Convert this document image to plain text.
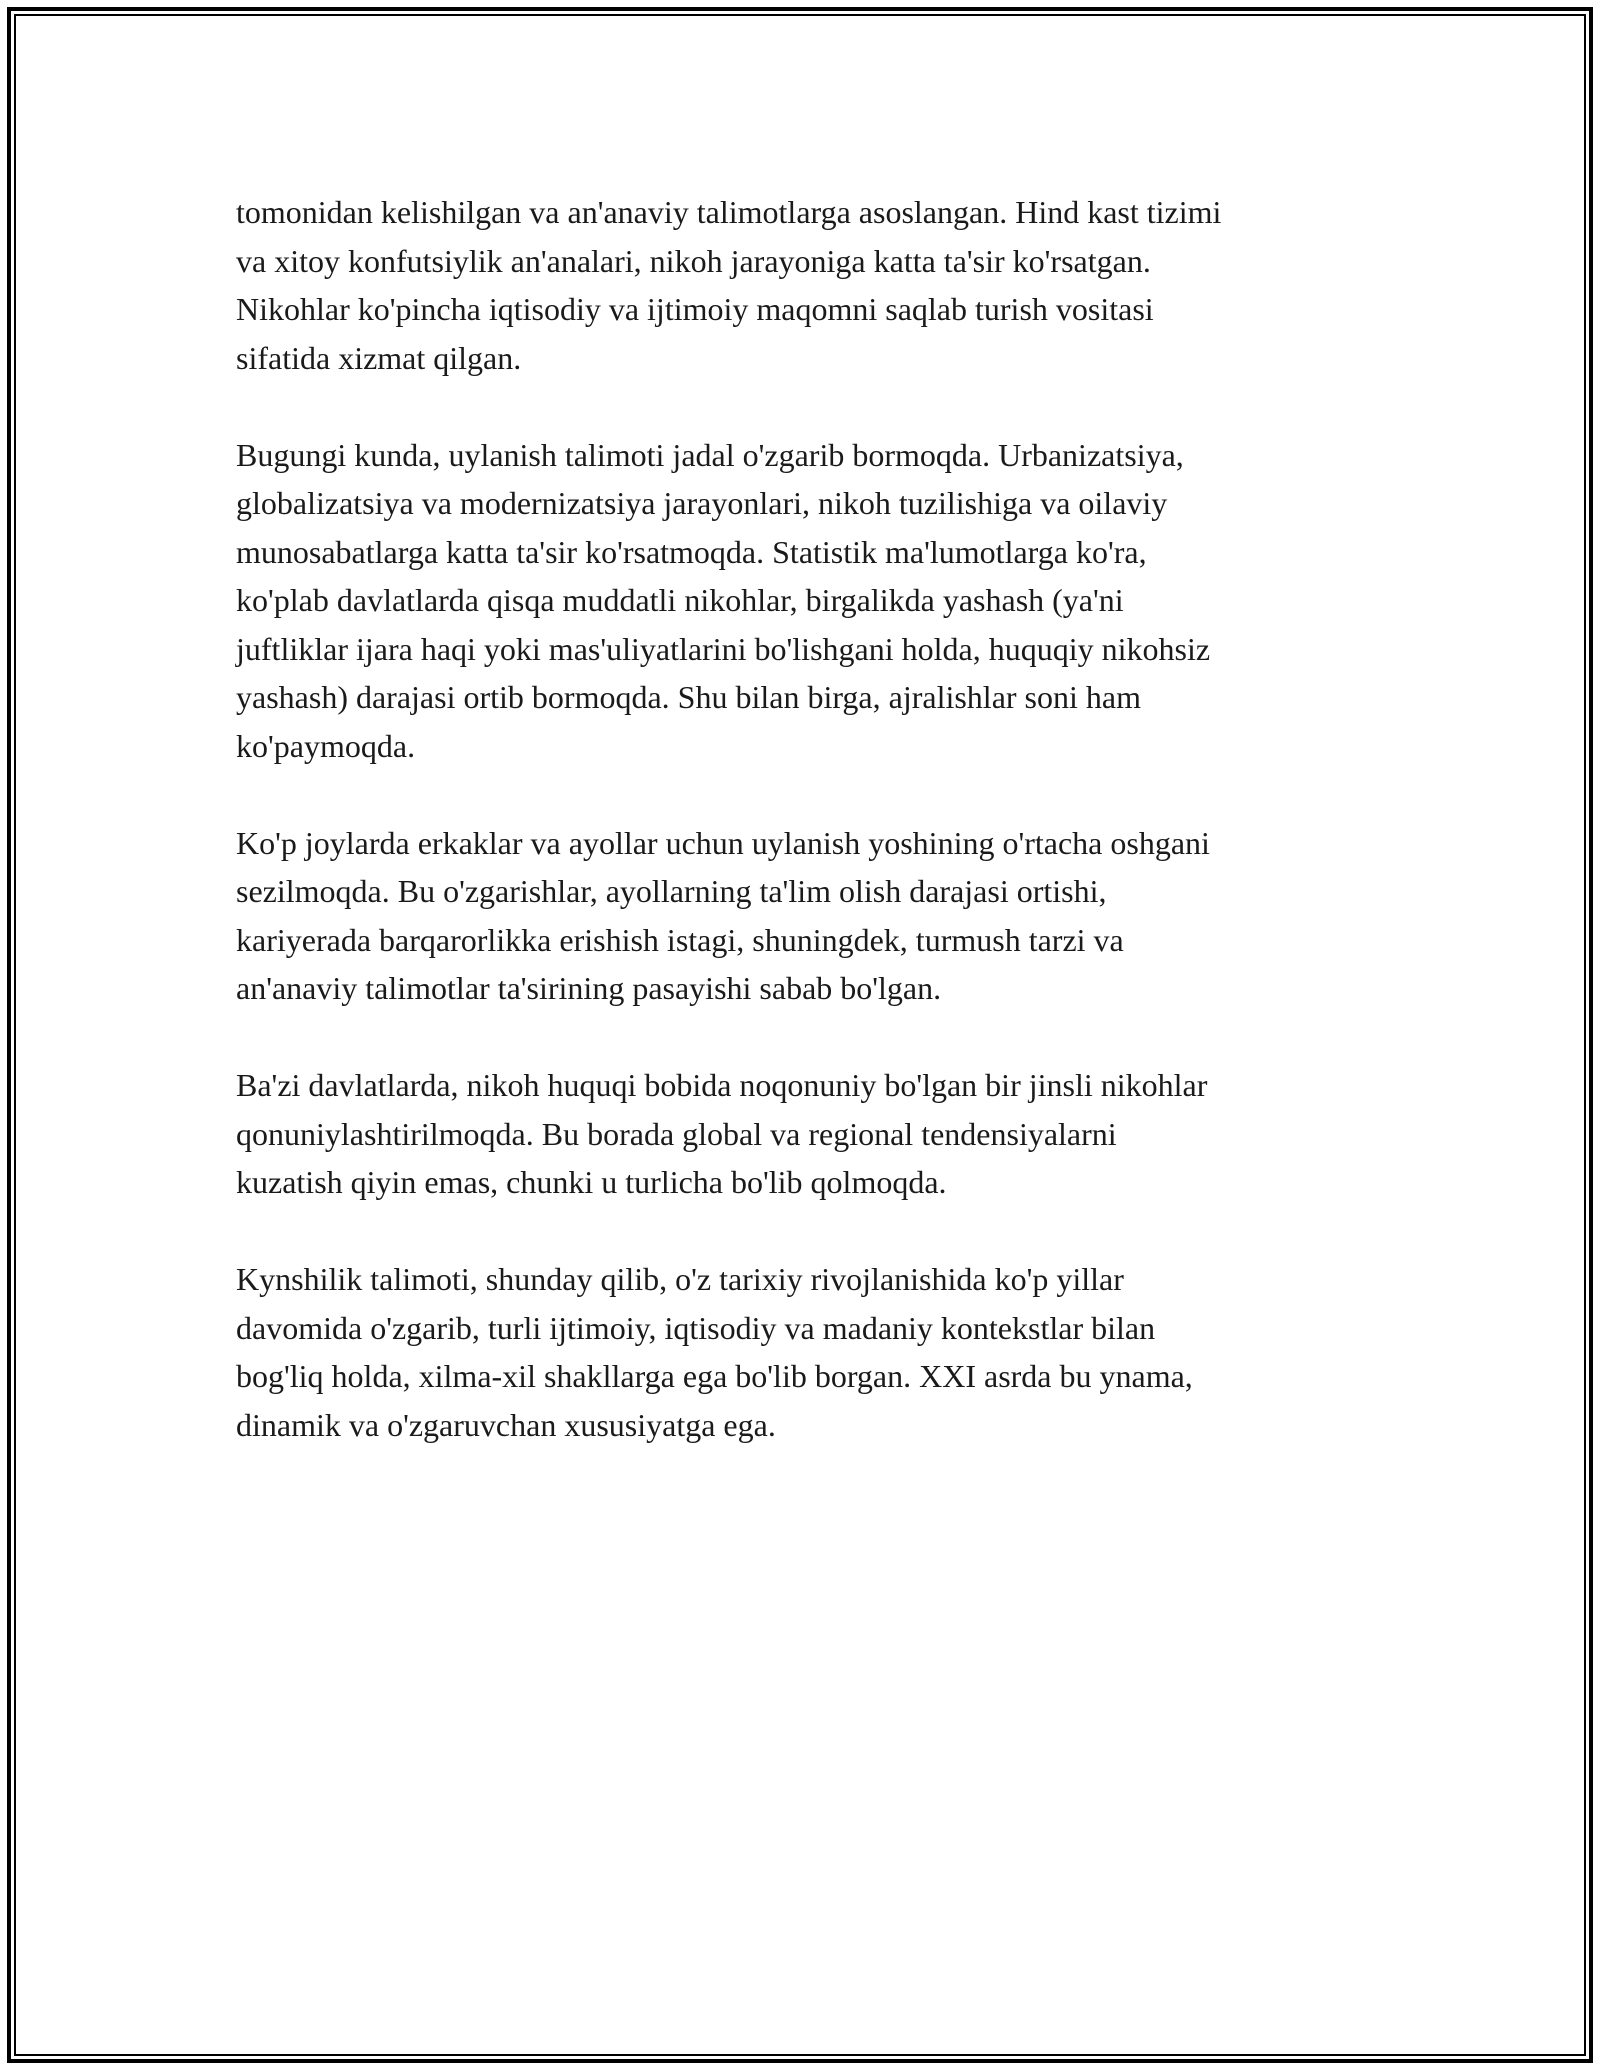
tomonidan kelishilgan va an'anaviy talimotlarga asoslangan. Hind kast tizimi
va xitoy konfutsiylik an'analari, nikoh jarayoniga katta ta'sir ko'rsatgan.
Nikohlar ko'pincha iqtisodiy va ijtimoiy maqomni saqlab turish vositasi
sifatida xizmat qilgan.

Bugungi kunda, uylanish talimoti jadal o'zgarib bormoqda. Urbanizatsiya,
globalizatsiya va modernizatsiya jarayonlari, nikoh tuzilishiga va oilaviy
munosabatlarga katta ta'sir ko'rsatmoqda. Statistik ma'lumotlarga ko'ra,
ko'plab davlatlarda qisqa muddatli nikohlar, birgalikda yashash (ya'ni
juftliklar ijara haqi yoki mas'uliyatlarini bo'lishgani holda, huquqiy nikohsiz
yashash) darajasi ortib bormoqda. Shu bilan birga, ajralishlar soni ham
ko'paymoqda.

Ko'p joylarda erkaklar va ayollar uchun uylanish yoshining o'rtacha oshgani
sezilmoqda. Bu o'zgarishlar, ayollarning ta'lim olish darajasi ortishi,
kariyerada barqarorlikka erishish istagi, shuningdek, turmush tarzi va
an'anaviy talimotlar ta'sirining pasayishi sabab bo'lgan.

Ba'zi davlatlarda, nikoh huquqi bobida noqonuniy bo'lgan bir jinsli nikohlar
qonuniylashtirilmoqda. Bu borada global va regional tendensiyalarni
kuzatish qiyin emas, chunki u turlicha bo'lib qolmoqda.

Kynshilik talimoti, shunday qilib, o'z tarixiy rivojlanishida ko'p yillar
davomida o'zgarib, turli ijtimoiy, iqtisodiy va madaniy kontekstlar bilan
bog'liq holda, xilma-xil shakllarga ega bo'lib borgan. XXI asrda bu ynama,
dinamik va o'zgaruvchan xususiyatga ega.
